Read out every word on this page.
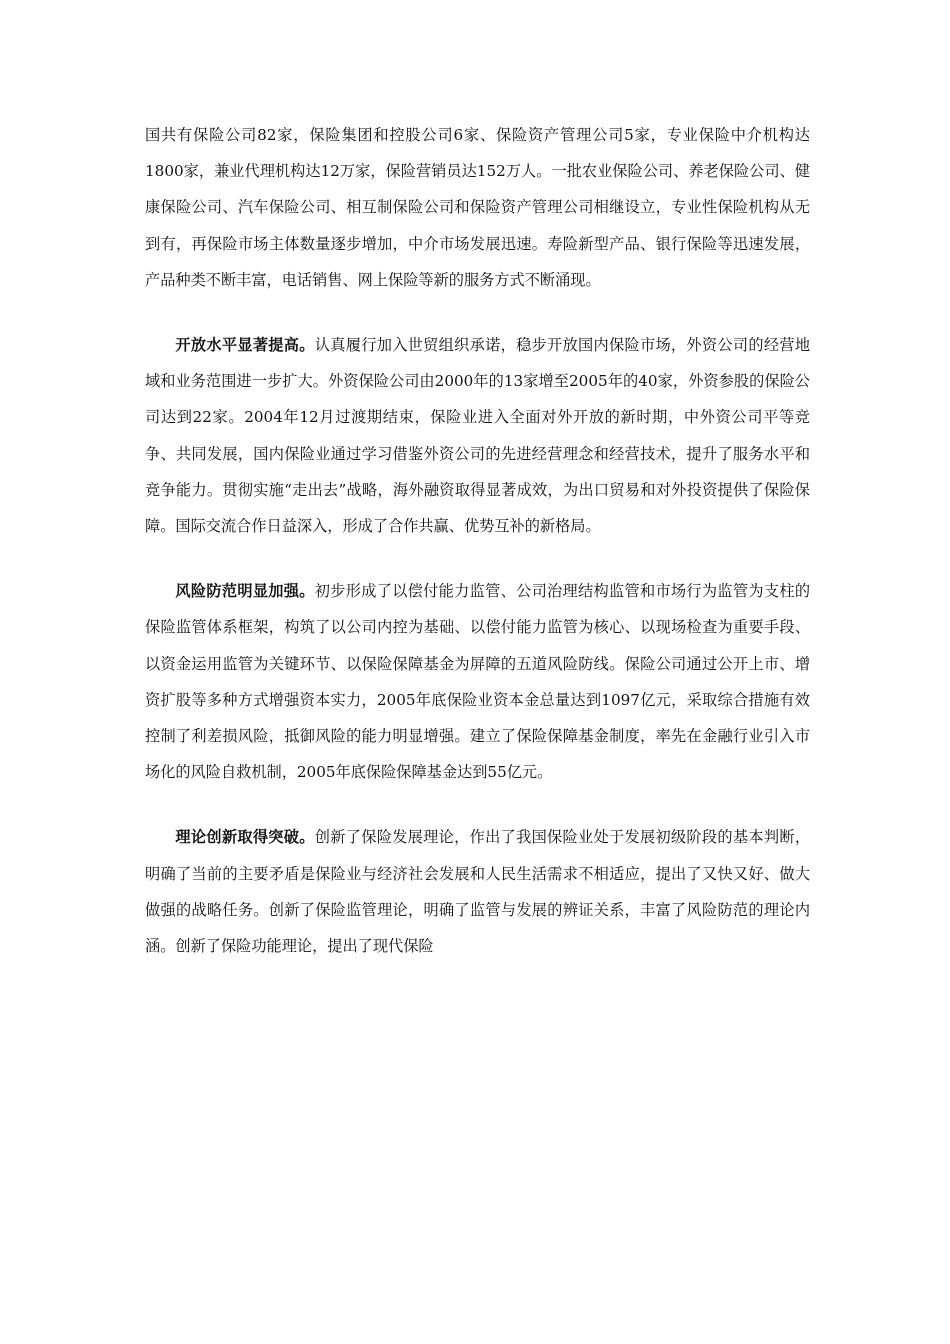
国共有保险公司82家，保险集团和控股公司6家、保险资产管理公司5家，专业保险中介机构达1800家，兼业代理机构达12万家，保险营销员达152万人。一批农业保险公司、养老保险公司、健康保险公司、汽车保险公司、相互制保险公司和保险资产管理公司相继设立，专业性保险机构从无到有，再保险市场主体数量逐步增加，中介市场发展迅速。寿险新型产品、银行保险等迅速发展，产品种类不断丰富，电话销售、网上保险等新的服务方式不断涌现。

开放水平显著提高。认真履行加入世贸组织承诺，稳步开放国内保险市场，外资公司的经营地域和业务范围进一步扩大。外资保险公司由2000年的13家增至2005年的40家，外资参股的保险公司达到22家。2004年12月过渡期结束，保险业进入全面对外开放的新时期，中外资公司平等竞争、共同发展，国内保险业通过学习借鉴外资公司的先进经营理念和经营技术，提升了服务水平和竞争能力。贯彻实施“走出去”战略，海外融资取得显著成效，为出口贸易和对外投资提供了保险保障。国际交流合作日益深入，形成了合作共赢、优势互补的新格局。

风险防范明显加强。初步形成了以偿付能力监管、公司治理结构监管和市场行为监管为支柱的保险监管体系框架，构筑了以公司内控为基础、以偿付能力监管为核心、以现场检查为重要手段、以资金运用监管为关键环节、以保险保障基金为屏障的五道风险防线。保险公司通过公开上市、增资扩股等多种方式增强资本实力，2005年底保险业资本金总量达到1097亿元，采取综合措施有效控制了利差损风险，抵御风险的能力明显增强。建立了保险保障基金制度，率先在金融行业引入市场化的风险自救机制，2005年底保险保障基金达到55亿元。

理论创新取得突破。创新了保险发展理论，作出了我国保险业处于发展初级阶段的基本判断，明确了当前的主要矛盾是保险业与经济社会发展和人民生活需求不相适应，提出了又快又好、做大做强的战略任务。创新了保险监管理论，明确了监管与发展的辨证关系，丰富了风险防范的理论内涵。创新了保险功能理论，提出了现代保险
